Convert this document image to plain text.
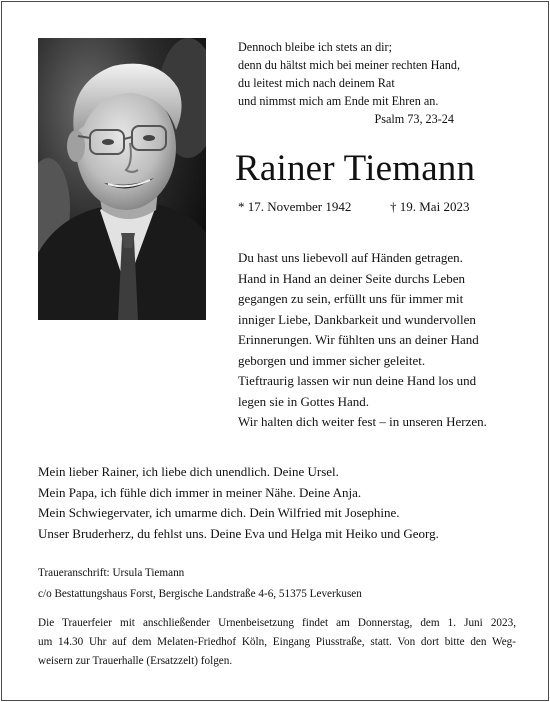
Dennoch bleibe ich stets an dir;
denn du hältst mich bei meiner rechten Hand,
du leitest mich nach deinem Rat
und nimmst mich am Ende mit Ehren an.
Psalm 73, 23-24
Rainer Tiemann
* 17. November 1942	† 19. Mai 2023
Du hast uns liebevoll auf Händen getragen.
Hand in Hand an deiner Seite durchs Leben
gegangen zu sein, erfüllt uns für immer mit
inniger Liebe, Dankbarkeit und wundervollen
Erinnerungen. Wir fühlten uns an deiner Hand
geborgen und immer sicher geleitet.
Tieftraurig lassen wir nun deine Hand los und
legen sie in Gottes Hand.
Wir halten dich weiter fest – in unseren Herzen.
Mein lieber Rainer, ich liebe dich unendlich. Deine Ursel.
Mein Papa, ich fühle dich immer in meiner Nähe. Deine Anja.
Mein Schwiegervater, ich umarme dich. Dein Wilfried mit Josephine.
Unser Bruderherz, du fehlst uns. Deine Eva und Helga mit Heiko und Georg.
Traueranschrift: Ursula Tiemann
c/o Bestattungshaus Forst, Bergische Landstraße 4-6, 51375 Leverkusen
Die Trauerfeier mit anschließender Urnenbeisetzung findet am Donnerstag, dem 1. Juni 2023,
um 14.30 Uhr auf dem Melaten-Friedhof Köln, Eingang Piusstraße, statt. Von dort bitte den Weg-
weisern zur Trauerhalle (Ersatzzelt) folgen.
